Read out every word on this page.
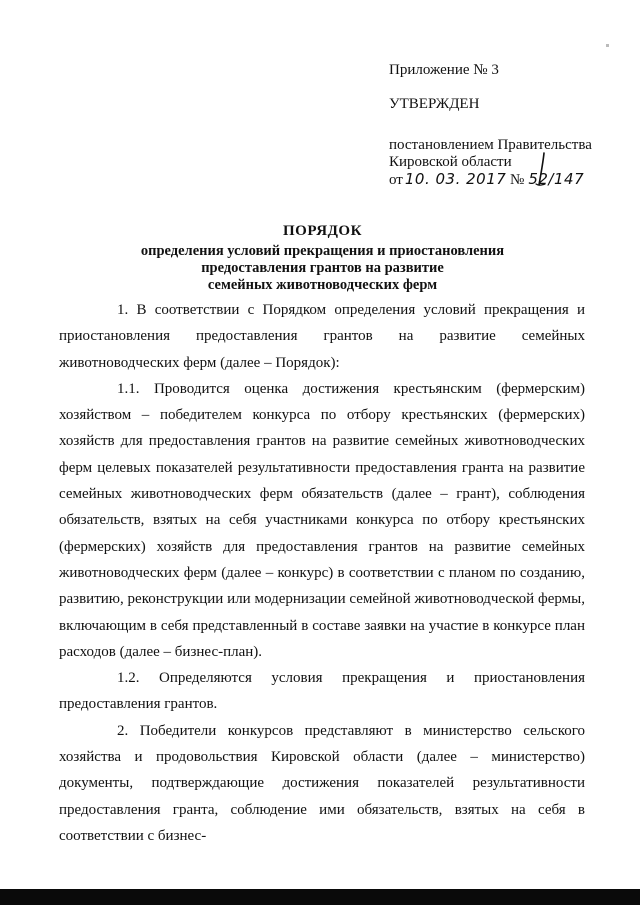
Приложение № 3
УТВЕРЖДЕН
постановлением Правительства
Кировской области
от 10. 03. 2017 № 52/147
ПОРЯДОК
определения условий прекращения и приостановления
предоставления грантов на развитие
семейных животноводческих ферм

1. В соответствии с Порядком определения условий прекращения и приостановления предоставления грантов на развитие семейных животноводческих ферм (далее – Порядок):

1.1. Проводится оценка достижения крестьянским (фермерским) хозяйством – победителем конкурса по отбору крестьянских (фермерских) хозяйств для предоставления грантов на развитие семейных животноводческих ферм целевых показателей результативности предоставления гранта на развитие семейных животноводческих ферм обязательств (далее – грант), соблюдения обязательств, взятых на себя участниками конкурса по отбору крестьянских (фермерских) хозяйств для предоставления грантов на развитие семейных животноводческих ферм (далее – конкурс) в соответствии с планом по созданию, развитию, реконструкции или модернизации семейной животноводческой фермы, включающим в себя представленный в составе заявки на участие в конкурсе план расходов (далее – бизнес-план).

1.2. Определяются условия прекращения и приостановления предоставления грантов.

2. Победители конкурсов представляют в министерство сельского хозяйства и продовольствия Кировской области (далее – министерство) документы, подтверждающие достижения показателей результативности предоставления гранта, соблюдение ими обязательств, взятых на себя в соответствии с бизнес-
